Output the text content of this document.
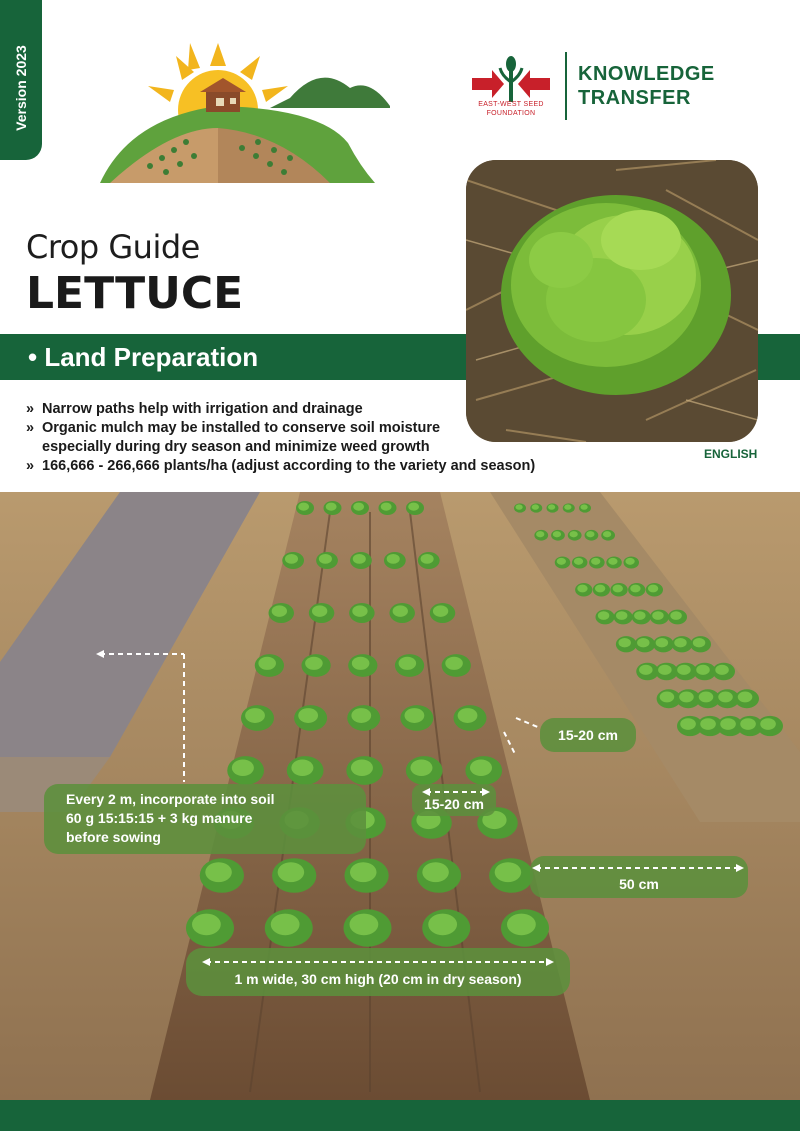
Version 2023	EAST-WEST SEED
FOUNDATION
KNOWLEDGE
TRANSFER
Crop Guide
LETTUCE
• Land Preparation
ENGLISH
» Narrow paths help with irrigation and drainage
» Organic mulch may be installed to conserve soil moisture especially during dry season and minimize weed growth
» 166,666 - 266,666 plants/ha (adjust according to the variety and season)
Every 2 m, incorporate into soil
60 g 15:15:15 + 3 kg manure
before sowing
15-20 cm
15-20 cm
50 cm
1 m wide, 30 cm high (20 cm in dry season)
